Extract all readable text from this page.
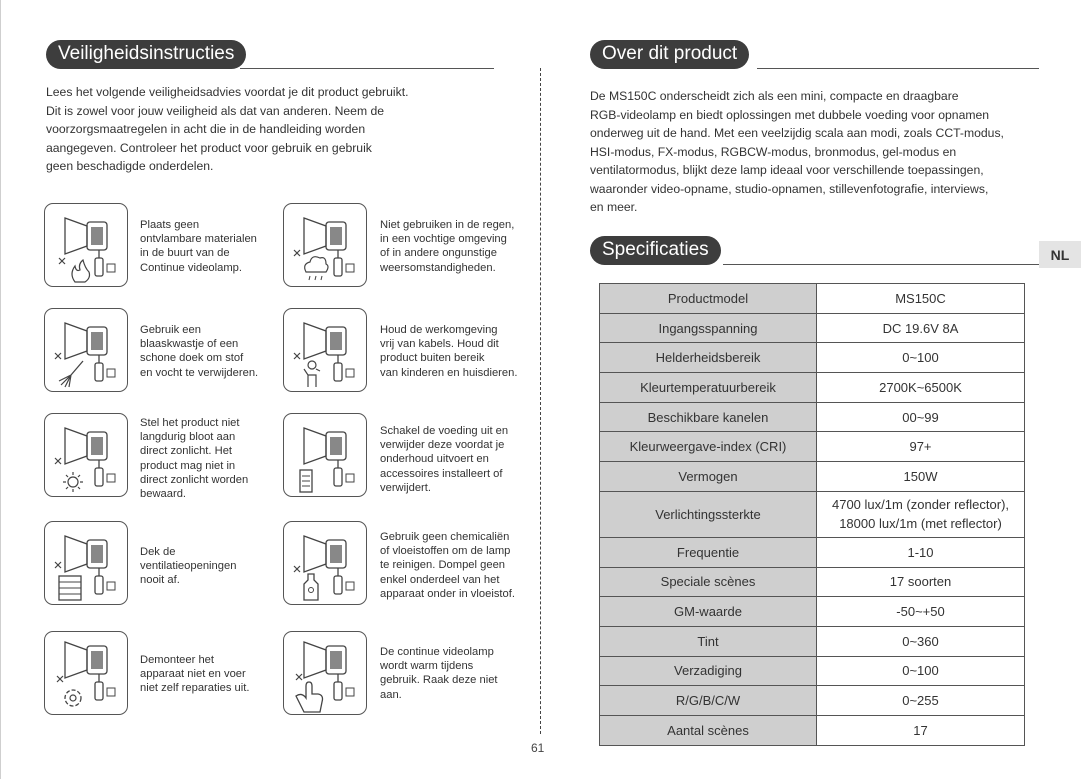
Veiligheidsinstructies
Lees het volgende veiligheidsadvies voordat je dit product gebruikt.
Dit is zowel voor jouw veiligheid als dat van anderen. Neem de
voorzorgsmaatregelen in acht die in de handleiding worden
aangegeven. Controleer het product voor gebruik en gebruik
geen beschadigde onderdelen.
Plaats geen
ontvlambare materialen
in de buurt van de
Continue videolamp.
Niet gebruiken in de regen,
in een vochtige omgeving
of in andere ongunstige
weersomstandigheden.
Gebruik een
blaaskwastje of een
schone doek om stof
en vocht te verwijderen.
Houd de werkomgeving
vrij van kabels. Houd dit
product buiten bereik
van kinderen en huisdieren.
Stel het product niet
langdurig bloot aan
direct zonlicht. Het
product mag niet in
direct zonlicht worden
bewaard.
Schakel de voeding uit en
verwijder deze voordat je
onderhoud uitvoert en
accessoires installeert of
verwijdert.
Dek de
ventilatieopeningen
nooit af.
Gebruik geen chemicaliën
of vloeistoffen om de lamp
te reinigen. Dompel geen
enkel onderdeel van het
apparaat onder in vloeistof.
Demonteer het
apparaat niet en voer
niet zelf reparaties uit.
De continue videolamp
wordt warm tijdens
gebruik. Raak deze niet
aan.
61
Over dit product
De MS150C onderscheidt zich als een mini, compacte en draagbare
RGB-videolamp en biedt oplossingen met dubbele voeding voor opnamen
onderweg uit de hand. Met een veelzijdig scala aan modi, zoals CCT-modus,
HSI-modus, FX-modus, RGBCW-modus, bronmodus, gel-modus en
ventilatormodus, blijkt deze lamp ideaal voor verschillende toepassingen,
waaronder video-opname, studio-opnamen, stillevenfotografie, interviews,
en meer.
Specificaties	NL
Productmodel	MS150C
Ingangsspanning	DC 19.6V 8A
Helderheidsbereik	0~100
Kleurtemperatuurbereik	2700K~6500K
Beschikbare kanelen	00~99
Kleurweergave-index (CRI)	97+
Vermogen	150W
Verlichtingssterkte	4700 lux/1m (zonder reflector),
18000 lux/1m (met reflector)

Frequentie	1-10
Speciale scènes	17 soorten
GM-waarde	-50~+50
Tint	0~360
Verzadiging	0~100
R/G/B/C/W	0~255
Aantal scènes	17
